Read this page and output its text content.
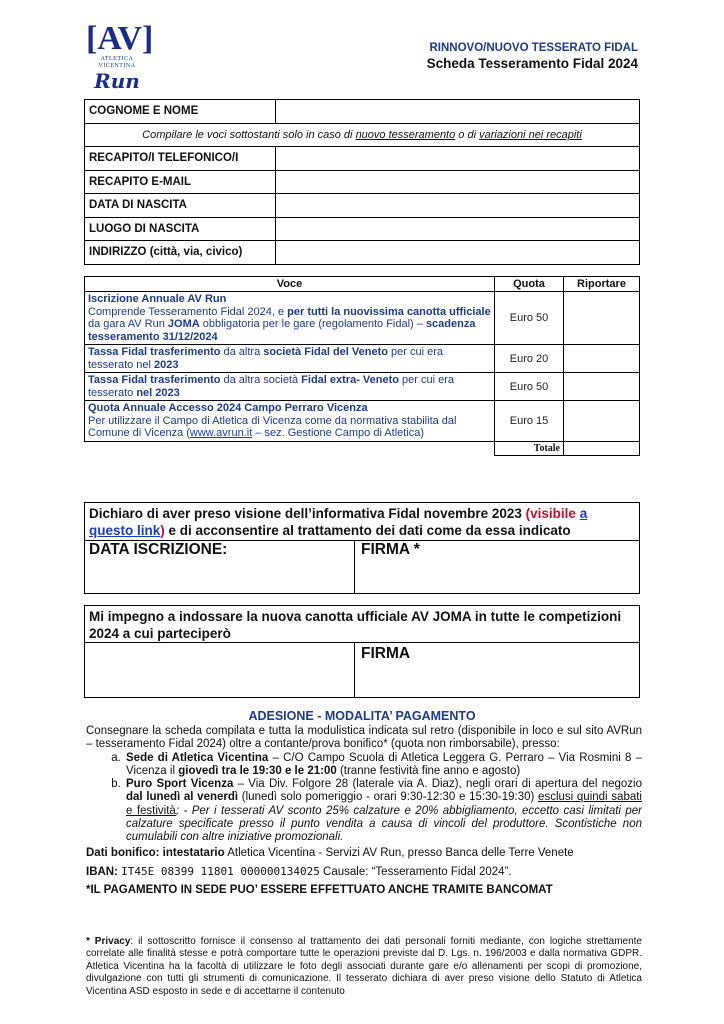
[AV]
ATLETICA
VICENTINA
Run
RINNOVO/NUOVO TESSERATO FIDAL
Scheda Tesseramento Fidal 2024
COGNOME E NOME	
Compilare le voci sottostanti solo in caso di nuovo tesseramento o di variazioni nei recapiti	
RECAPITO/I TELEFONICO/I	
RECAPITO E-MAIL	
DATA DI NASCITA	
LUOGO DI NASCITA	
INDIRIZZO (città, via, civico)	
Voce	Quota	Riportare
Iscrizione Annuale AV Run
Comprende Tesseramento Fidal 2024, e per tutti la nuovissima canotta ufficiale da gara AV Run JOMA obbligatoria per le gare (regolamento Fidal) – scadenza tesseramento 31/12/2024	Euro 50	
Tassa Fidal trasferimento da altra società Fidal del Veneto per cui era tesserato nel 2023	Euro 20	
Tassa Fidal trasferimento da altra società Fidal extra- Veneto per cui era tesserato nel 2023	Euro 50	
Quota Annuale Accesso 2024 Campo Perraro Vicenza
Per utilizzare il Campo di Atletica di Vicenza come da normativa stabilita dal Comune di Vicenza (www.avrun.it – sez. Gestione Campo di Atletica)	Euro 15	
	Totale	
Dichiaro di aver preso visione dell’informativa Fidal novembre 2023 (visibile a questo link) e di acconsentire al trattamento dei dati come da essa indicato
DATA ISCRIZIONE:	FIRMA *
Mi impegno a indossare la nuova canotta ufficiale AV JOMA in tutte le competizioni 2024 a cui parteciperò
FIRMA
ADESIONE - MODALITA’ PAGAMENTO
Consegnare la scheda compilata e tutta la modulistica indicata sul retro (disponibile in loco e sul sito AVRun – tesseramento Fidal 2024) oltre a contante/prova bonifico* (quota non rimborsabile), presso:
a. Sede di Atletica Vicentina – C/O Campo Scuola di Atletica Leggera G. Perraro – Via Rosmini 8 – Vicenza il giovedì tra le 19:30 e le 21:00 (tranne festività fine anno e agosto)
b. Puro Sport Vicenza – Via Div. Folgore 28 (laterale via A. Diaz), negli orari di apertura del negozio dal lunedì al venerdì (lunedì solo pomeriggio - orari 9:30-12:30 e 15:30-19:30) esclusi quindi sabati e festività; - Per i tesserati AV sconto 25% calzature e 20% abbigliamento, eccetto casi limitati per calzature specificate presso il punto vendita a causa di vincoli del produttore. Scontistiche non cumulabili con altre iniziative promozionali.
Dati bonifico: intestatario Atletica Vicentina - Servizi AV Run, presso Banca delle Terre Venete
IBAN: IT45E 08399 11801 000000134025 Causale: “Tesseramento Fidal 2024”.
*IL PAGAMENTO IN SEDE PUO’ ESSERE EFFETTUATO ANCHE TRAMITE BANCOMAT
* Privacy: il sottoscritto fornisce il consenso al trattamento dei dati personali forniti mediante, con logiche strettamente correlate alle finalità stesse e potrà comportare tutte le operazioni previste dal D. Lgs. n. 196/2003 e dalla normativa GDPR. Atletica Vicentina ha la facoltà di utilizzare le foto degli associati durante gare e/o allenamenti per scopi di promozione, divulgazione con tutti gli strumenti di comunicazione. Il tesserato dichiara di aver preso visione dello Statuto di Atletica Vicentina ASD esposto in sede e di accettarne il contenuto
